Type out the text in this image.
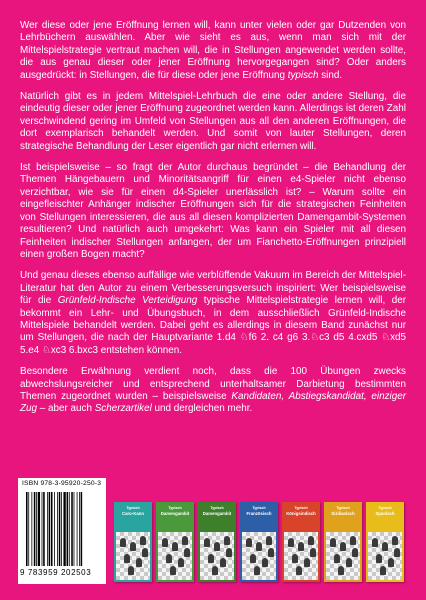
Wer diese oder jene Eröffnung lernen will, kann unter vielen oder gar Dutzenden von Lehrbüchern auswählen. Aber wie sieht es aus, wenn man sich mit der Mittelspielstrategie vertraut machen will, die in Stellungen angewendet werden sollte, die aus genau dieser oder jener Eröffnung hervorgegangen sind? Oder anders ausgedrückt: in Stellungen, die für diese oder jene Eröffnung typisch sind.

Natürlich gibt es in jedem Mittelspiel-Lehrbuch die eine oder andere Stellung, die eindeutig dieser oder jener Eröffnung zugeordnet werden kann. Allerdings ist deren Zahl verschwindend gering im Umfeld von Stellungen aus all den anderen Eröffnungen, die dort exemplarisch behandelt werden. Und somit von lauter Stellungen, deren strategische Behandlung der Leser eigentlich gar nicht erlernen will.

Ist beispielsweise – so fragt der Autor durchaus begründet – die Behandlung der Themen Hängebauern und Minoritätsangriff für einen e4-Spieler nicht ebenso verzichtbar, wie sie für einen d4-Spieler unerlässlich ist? – Warum sollte ein eingefleischter Anhänger indischer Eröffnungen sich für die strategischen Feinheiten von Stellungen interessieren, die aus all diesen komplizierten Damengambit-Systemen resultieren? Und natürlich auch umgekehrt: Was kann ein Spieler mit all diesen Feinheiten indischer Stellungen anfangen, der um Fianchetto-Eröffnungen prinzipiell einen großen Bogen macht?

Und genau dieses ebenso auffällige wie verblüffende Vakuum im Bereich der Mittelspiel-Literatur hat den Autor zu einem Verbesserungsversuch inspiriert: Wer beispielsweise für die Grünfeld-Indische Verteidigung typische Mittelspielstrategie lernen will, der bekommt ein Lehr- und Übungsbuch, in dem ausschließlich Grünfeld-Indische Mittelspiele behandelt werden. Dabei geht es allerdings in diesem Band zunächst nur um Stellungen, die nach der Hauptvariante 1.d4 ♘f6 2. c4 g6 3.♘c3 d5 4.cxd5 ♘xd5 5.e4 ♘xc3 6.bxc3 entstehen können.

Besondere Erwähnung verdient noch, dass die 100 Übungen zwecks abwechslungsreicher und entsprechend unterhaltsamer Darbietung bestimmten Themen zugeordnet wurden – beispielsweise Kandidaten, Abstiegskandidat, einziger Zug – aber auch Scherzartikel und dergleichen mehr.

ISBN 978-3-95920-250-3
9 783959 202503
Typisch
Caro-Kann
Typisch
Damengambit
Typisch
Damengambit
Typisch
Französisch
Typisch
Königsindisch
Typisch
Sizilianisch
Typisch
Spanisch
